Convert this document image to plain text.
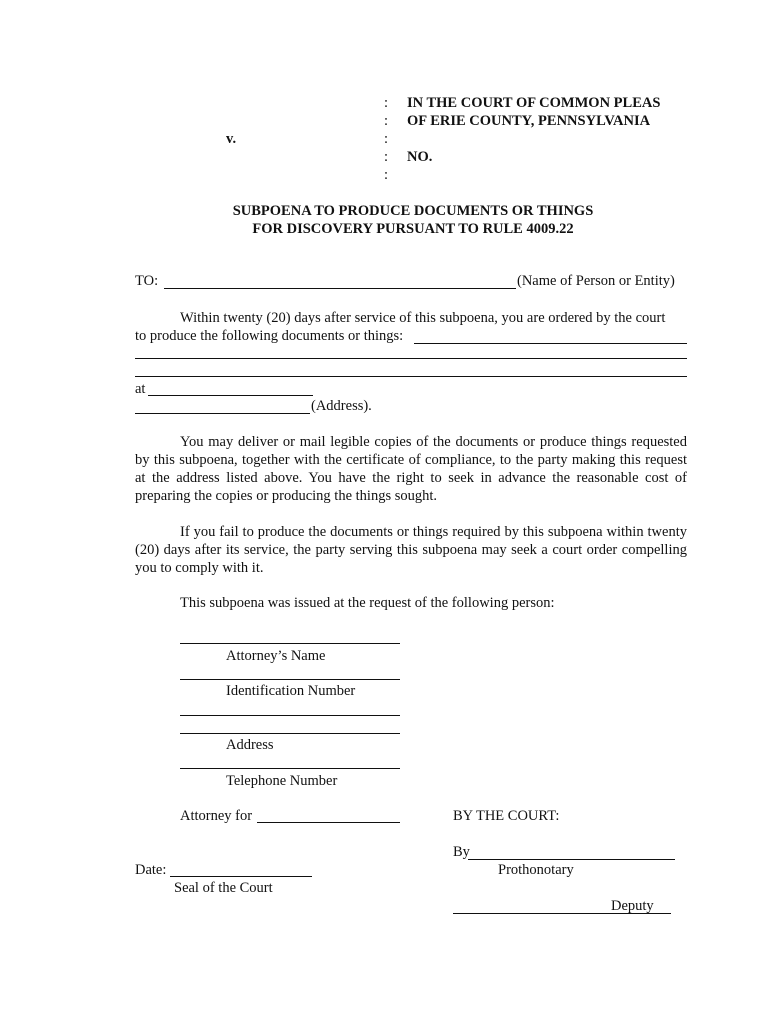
:
:
:
:
:
IN THE COURT OF COMMON PLEAS
OF ERIE COUNTY, PENNSYLVANIA
v.
NO.
SUBPOENA TO PRODUCE DOCUMENTS OR THINGS
FOR DISCOVERY PURSUANT TO RULE 4009.22
TO:	(Name of Person or Entity)
Within twenty (20) days after service of this subpoena, you are ordered by the court
to produce the following documents or things:
at
(Address).
You may deliver or mail legible copies of the documents or produce things requested by this subpoena, together with the certificate of compliance, to the party making this request at the address listed above. You have the right to seek in advance the reasonable cost of preparing the copies or producing the things sought.
If you fail to produce the documents or things required by this subpoena within twenty (20) days after its service, the party serving this subpoena may seek a court order compelling you to comply with it.
This subpoena was issued at the request of the following person:
Attorney’s Name
Identification Number
Address
Telephone Number
Attorney for	BY THE COURT:
By
Prothonotary
Deputy
Date:
Seal of the Court
